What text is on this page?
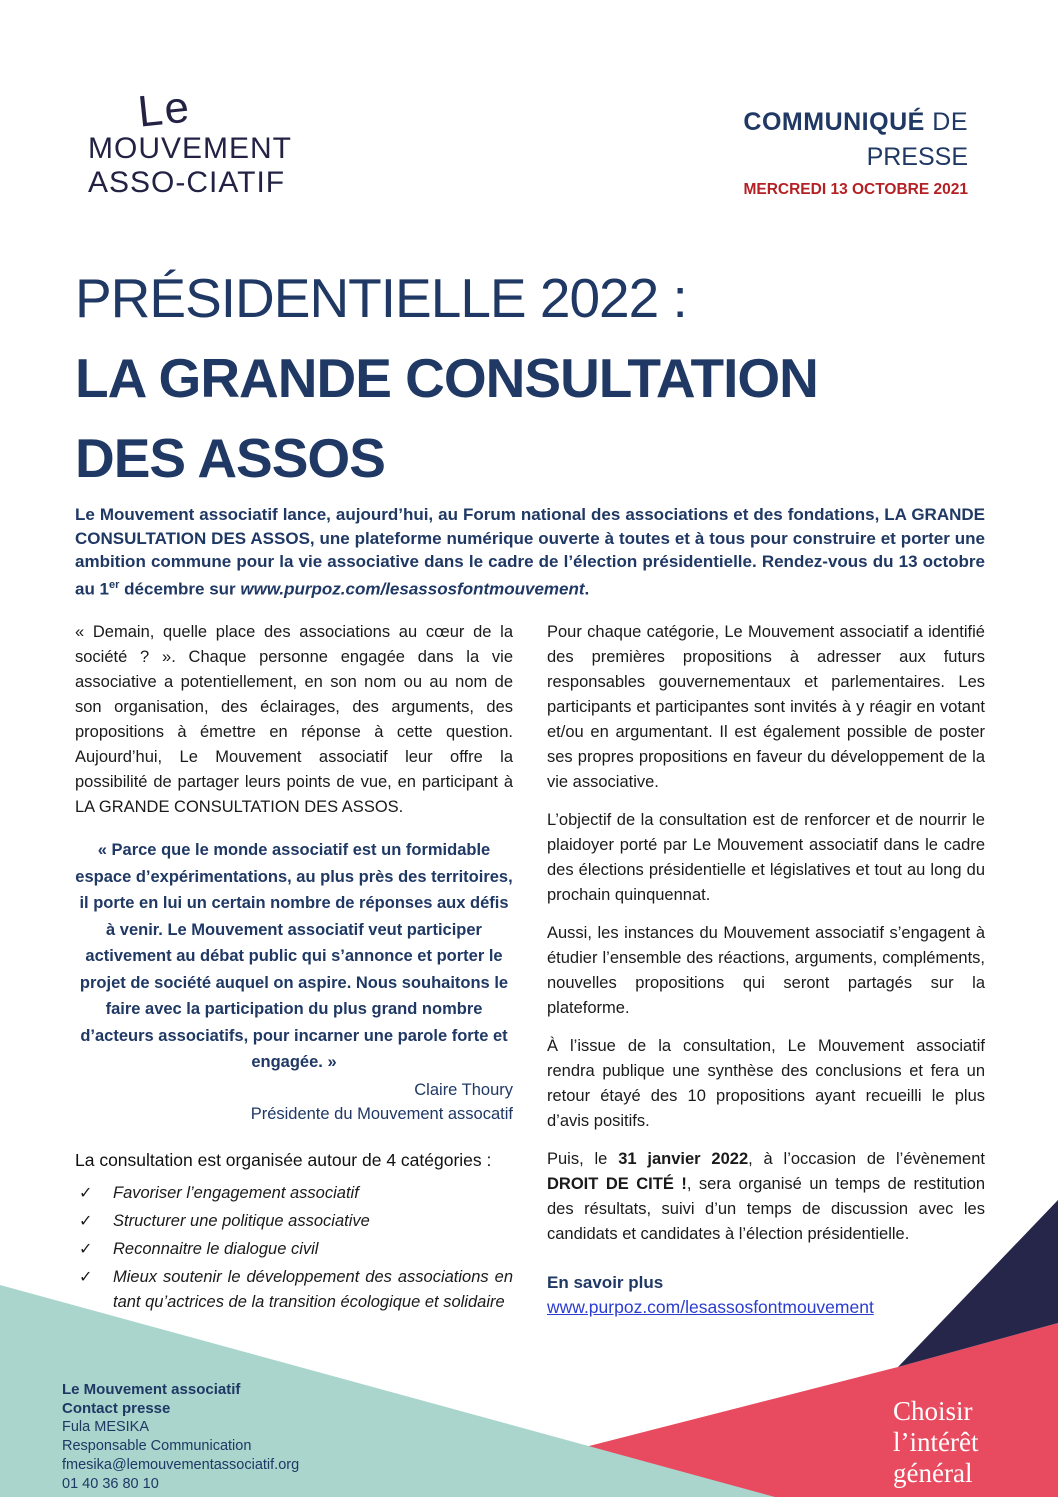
Le
MOUVEMENT
ASSO-CIATIF
COMMUNIQUÉ DE
PRESSE
MERCREDI 13 OCTOBRE 2021
PRÉSIDENTIELLE 2022 :
LA GRANDE CONSULTATION
DES ASSOS

Le Mouvement associatif lance, aujourd’hui, au Forum national des associations et des fondations, LA GRANDE CONSULTATION DES ASSOS, une plateforme numérique ouverte à toutes et à tous pour construire et porter une ambition commune pour la vie associative dans le cadre de l’élection présidentielle. Rendez-vous du 13 octobre au 1er décembre sur www.purpoz.com/lesassosfontmouvement.

« Demain, quelle place des associations au cœur de la société ? ». Chaque personne engagée dans la vie associative a potentiellement, en son nom ou au nom de son organisation, des éclairages, des arguments, des propositions à émettre en réponse à cette question. Aujourd’hui, Le Mouvement associatif leur offre la possibilité de partager leurs points de vue, en participant à LA GRANDE CONSULTATION DES ASSOS.

« Parce que le monde associatif est un formidable espace d’expérimentations, au plus près des territoires, il porte en lui un certain nombre de réponses aux défis à venir. Le Mouvement associatif veut participer activement au débat public qui s’annonce et porter le projet de société auquel on aspire. Nous souhaitons le faire avec la participation du plus grand nombre d’acteurs associatifs, pour incarner une parole forte et engagée. »
Claire Thoury
Présidente du Mouvement assocatif
La consultation est organisée autour de 4 catégories :
✓	Favoriser l’engagement associatif
✓	Structurer une politique associative
✓	Reconnaitre le dialogue civil
✓	Mieux soutenir le développement des associations en tant qu’actrices de la transition écologique et solidaire

Pour chaque catégorie, Le Mouvement associatif a identifié des premières propositions à adresser aux futurs responsables gouvernementaux et parlementaires. Les participants et participantes sont invités à y réagir en votant et/ou en argumentant. Il est également possible de poster ses propres propositions en faveur du développement de la vie associative.

L’objectif de la consultation est de renforcer et de nourrir le plaidoyer porté par Le Mouvement associatif dans le cadre des élections présidentielle et législatives et tout au long du prochain quinquennat.

Aussi, les instances du Mouvement associatif s’engagent à étudier l’ensemble des réactions, arguments, compléments, nouvelles propositions qui seront partagés sur la plateforme.

À l’issue de la consultation, Le Mouvement associatif rendra publique une synthèse des conclusions et fera un retour étayé des 10 propositions ayant recueilli le plus d’avis positifs.

Puis, le 31 janvier 2022, à l’occasion de l’évènement DROIT DE CITÉ !, sera organisé un temps de restitution des résultats, suivi d’un temps de discussion avec les candidats et candidates à l’élection présidentielle.

En savoir plus
www.purpoz.com/lesassosfontmouvement
Le Mouvement associatif
Contact presse
Fula MESIKA
Responsable Communication
fmesika@lemouvementassociatif.org
01 40 36 80 10
Choisir
l’intérêt
général
